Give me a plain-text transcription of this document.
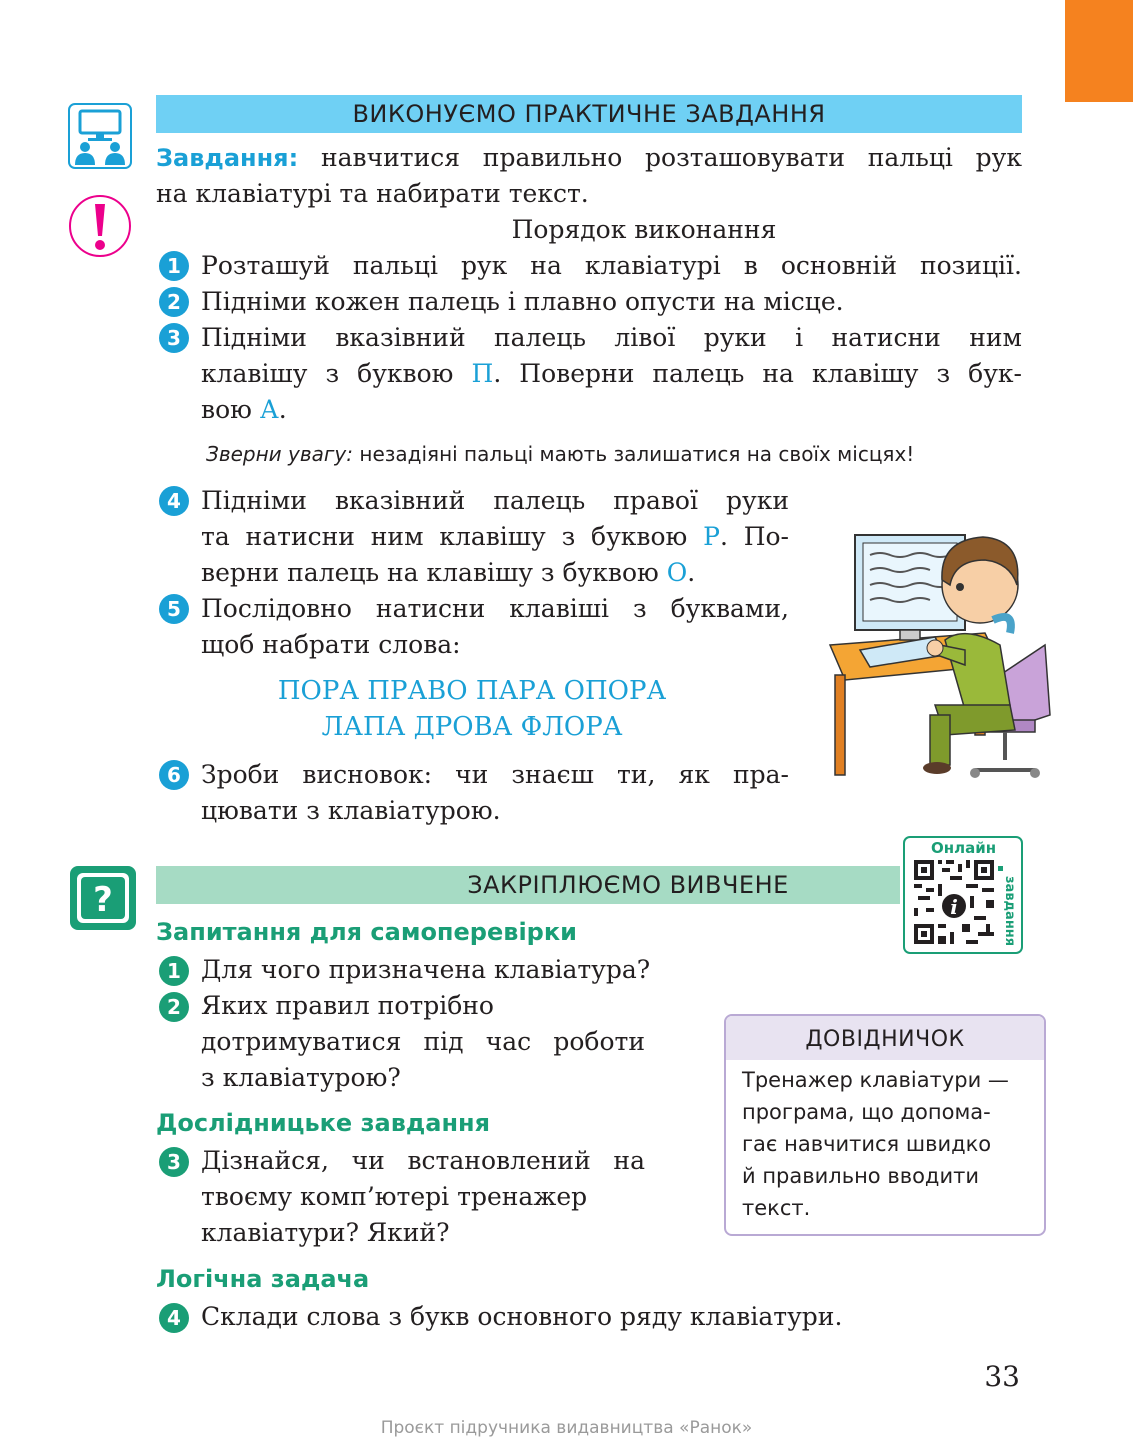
ВИКОНУЄМО ПРАКТИЧНЕ ЗАВДАННЯ
Завдання: навчитися правильно розташовувати пальці рук
на клавіатурі та набирати текст.
Порядок виконання
1 Розташуй пальці рук на клавіатурі в основній позиції.
2 Підніми кожен палець і плавно опусти на місце.
3 Підніми вказівний палець лівої руки і натисни ним
клавішу з буквою П. Поверни палець на клавішу з бук-
вою А.
Зверни увагу: незадіяні пальці мають залишатися на своїх місцях!
4 Підніми вказівний палець правої руки
та натисни ним клавішу з буквою Р. По-
верни палець на клавішу з буквою О.
5 Послідовно натисни клавіші з буквами,
щоб набрати слова:
ПОРА ПРАВО ПАРА ОПОРА
ЛАПА ДРОВА ФЛОРА
6 Зроби висновок: чи знаєш ти, як пра-
цювати з клавіатурою.
?	ЗАКРІПЛЮЄМО ВИВЧЕНЕ
i
Онлайн
завдання
Запитання для самоперевірки
1 Для чого призначена клавіатура?
2 Яких правил потрібно
дотримуватися під час роботи
з клавіатурою?
Дослідницьке завдання
3 Дізнайся, чи встановлений на
твоєму комп’ютері тренажер
клавіатури? Який?
Логічна задача
4 Склади слова з букв основного ряду клавіатури.
ДОВІДНИЧОК
Тренажер клавіатури —
програма, що допома-
гає навчитися швидко
й правильно вводити
текст.
33
Проєкт підручника видавництва «Ранок»
